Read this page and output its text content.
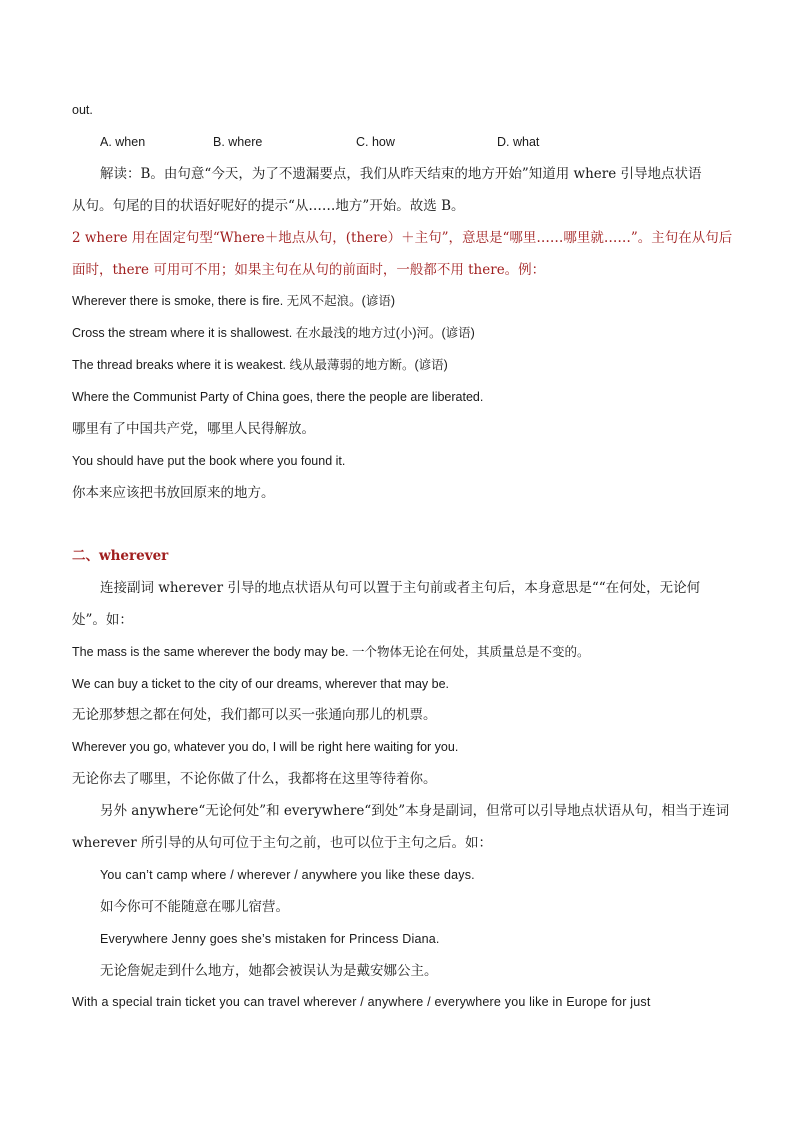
out.
A. when	B. where	C. how	D. what
解读：B。由句意“今天，为了不遗漏要点，我们从昨天结束的地方开始”知道用 where 引导地点状语
从句。句尾的目的状语好呢好的提示“从……地方”开始。故选 B。
2 where 用在固定句型“Where＋地点从句，(there）＋主句”，意思是“哪里……哪里就……”。主句在从句后
面时，there 可用可不用；如果主句在从句的前面时，一般都不用 there。例：
Wherever there is smoke, there is fire. 无风不起浪。(谚语)
Cross the stream where it is shallowest. 在水最浅的地方过(小)河。(谚语)
The thread breaks where it is weakest. 线从最薄弱的地方断。(谚语)
Where the Communist Party of China goes, there the people are liberated.
哪里有了中国共产党，哪里人民得解放。
You should have put the book where you found it.
你本来应该把书放回原来的地方。
二、wherever
连接副词 wherever 引导的地点状语从句可以置于主句前或者主句后，本身意思是““在何处，无论何
处”。如：
The mass is the same wherever the body may be. 一个物体无论在何处，其质量总是不变的。
We can buy a ticket to the city of our dreams, wherever that may be.
无论那梦想之都在何处，我们都可以买一张通向那儿的机票。
Wherever you go, whatever you do, I will be right here waiting for you.
无论你去了哪里，不论你做了什么，我都将在这里等待着你。
另外 anywhere“无论何处”和 everywhere“到处”本身是副词，但常可以引导地点状语从句，相当于连词
wherever 所引导的从句可位于主句之前，也可以位于主句之后。如：
You can’t camp where / wherever / anywhere you like these days.
如今你可不能随意在哪儿宿营。
Everywhere Jenny goes she’s mistaken for Princess Diana.
无论詹妮走到什么地方，她都会被误认为是戴安娜公主。
With a special train ticket you can travel wherever / anywhere / everywhere you like in Europe for just
